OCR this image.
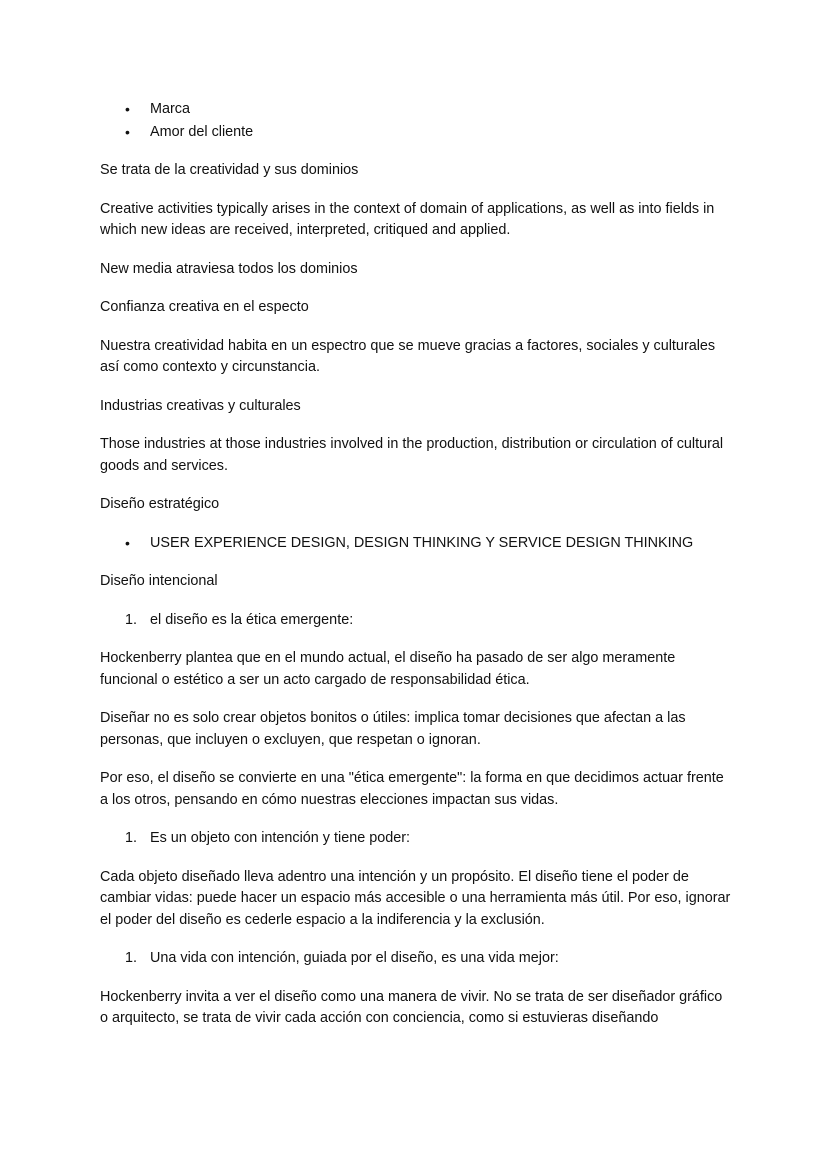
• Marca
• Amor del cliente

Se trata de la creatividad y sus dominios

Creative activities typically arises in the context of domain of applications, as well as into fields in which new ideas are received, interpreted, critiqued and applied.

New media atraviesa todos los dominios

Confianza creativa en el especto

Nuestra creatividad habita en un espectro que se mueve gracias a factores, sociales y culturales así como contexto y circunstancia.

Industrias creativas y culturales

Those industries at those industries involved in the production, distribution or circulation of cultural goods and services.

Diseño estratégico

• USER EXPERIENCE DESIGN, DESIGN THINKING Y SERVICE DESIGN THINKING

Diseño intencional

1. el diseño es la ética emergente:

Hockenberry plantea que en el mundo actual, el diseño ha pasado de ser algo meramente funcional o estético a ser un acto cargado de responsabilidad ética.

Diseñar no es solo crear objetos bonitos o útiles: implica tomar decisiones que afectan a las personas, que incluyen o excluyen, que respetan o ignoran.

Por eso, el diseño se convierte en una "ética emergente": la forma en que decidimos actuar frente a los otros, pensando en cómo nuestras elecciones impactan sus vidas.

1. Es un objeto con intención y tiene poder:

Cada objeto diseñado lleva adentro una intención y un propósito. El diseño tiene el poder de cambiar vidas: puede hacer un espacio más accesible o una herramienta más útil. Por eso, ignorar el poder del diseño es cederle espacio a la indiferencia y la exclusión.

1. Una vida con intención, guiada por el diseño, es una vida mejor:

Hockenberry invita a ver el diseño como una manera de vivir. No se trata de ser diseñador gráfico o arquitecto, se trata de vivir cada acción con conciencia, como si estuvieras diseñando
